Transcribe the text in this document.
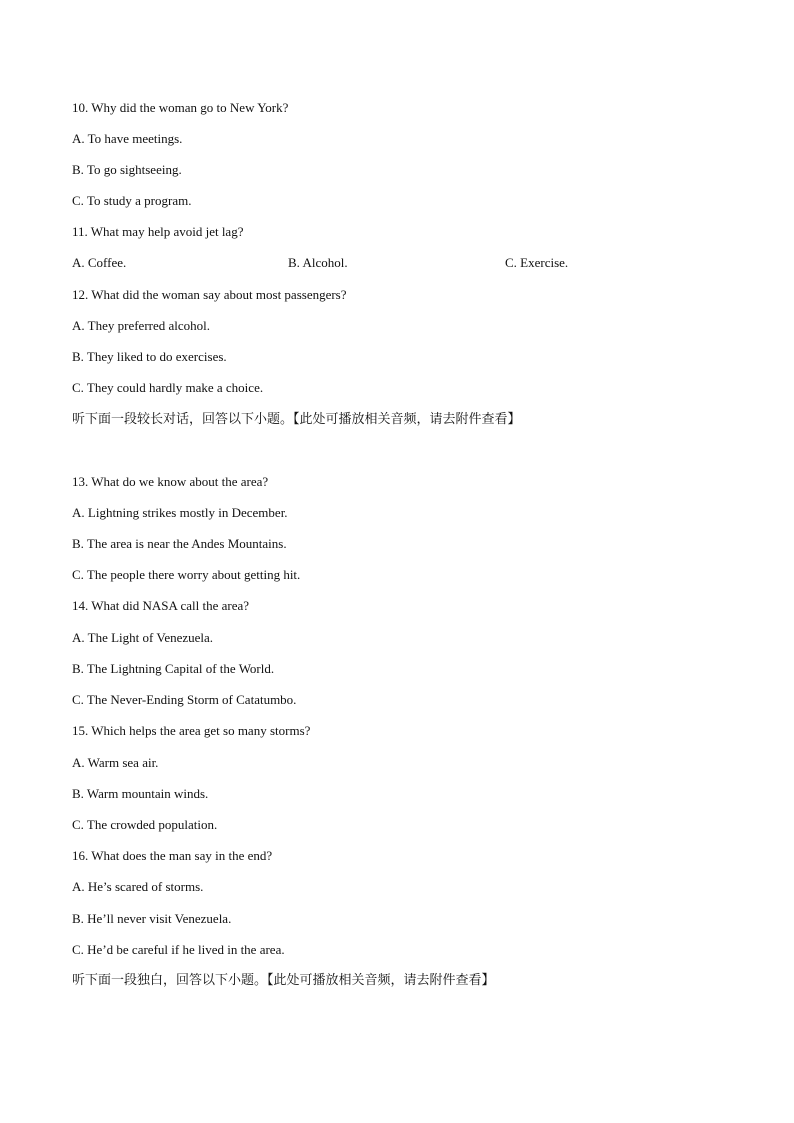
10. Why did the woman go to New York?
A. To have meetings.
B. To go sightseeing.
C. To study a program.
11. What may help avoid jet lag?
A. Coffee.	B. Alcohol.	C. Exercise.
12. What did the woman say about most passengers?
A. They preferred alcohol.
B. They liked to do exercises.
C. They could hardly make a choice.
听下面一段较长对话，回答以下小题。【此处可播放相关音频，请去附件查看】
13. What do we know about the area?
A. Lightning strikes mostly in December.
B. The area is near the Andes Mountains.
C. The people there worry about getting hit.
14. What did NASA call the area?
A. The Light of Venezuela.
B. The Lightning Capital of the World.
C. The Never-Ending Storm of Catatumbo.
15. Which helps the area get so many storms?
A. Warm sea air.
B. Warm mountain winds.
C. The crowded population.
16. What does the man say in the end?
A. He’s scared of storms.
B. He’ll never visit Venezuela.
C. He’d be careful if he lived in the area.
听下面一段独白，回答以下小题。【此处可播放相关音频，请去附件查看】
